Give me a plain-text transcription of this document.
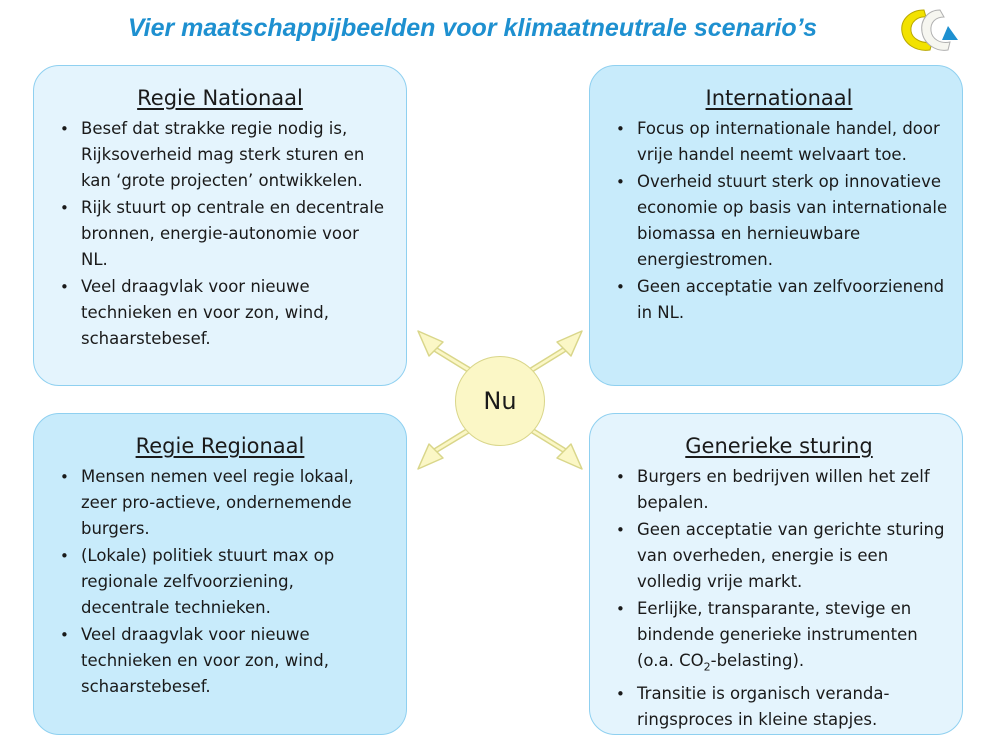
Vier maatschappijbeelden voor klimaatneutrale scenario’s
Nu
Regie Nationaal
• Besef dat strakke regie nodig is, Rijksoverheid mag sterk sturen en kan ‘grote projecten’ ontwikkelen.
• Rijk stuurt op centrale en decentrale bronnen, energie-autonomie voor NL.
• Veel draagvlak voor nieuwe technieken en voor zon, wind, schaarstebesef.
Internationaal
• Focus op internationale handel, door vrije handel neemt welvaart toe.
• Overheid stuurt sterk op innovatieve economie op basis van internationale biomassa en hernieuwbare energiestromen.
• Geen acceptatie van zelfvoorzienend in NL.
Regie Regionaal
• Mensen nemen veel regie lokaal, zeer pro-actieve, ondernemende burgers.
• (Lokale) politiek stuurt max op regionale zelfvoorziening, decentrale technieken.
• Veel draagvlak voor nieuwe technieken en voor zon, wind, schaarstebesef.
Generieke sturing
• Burgers en bedrijven willen het zelf bepalen.
• Geen acceptatie van gerichte sturing van overheden, energie is een volledig vrije markt.
• Eerlijke, transparante, stevige en bindende generieke instrumenten (o.a. $CO_2-belasting$).
• Transitie is organisch veranda-ringsproces in kleine stapjes.
